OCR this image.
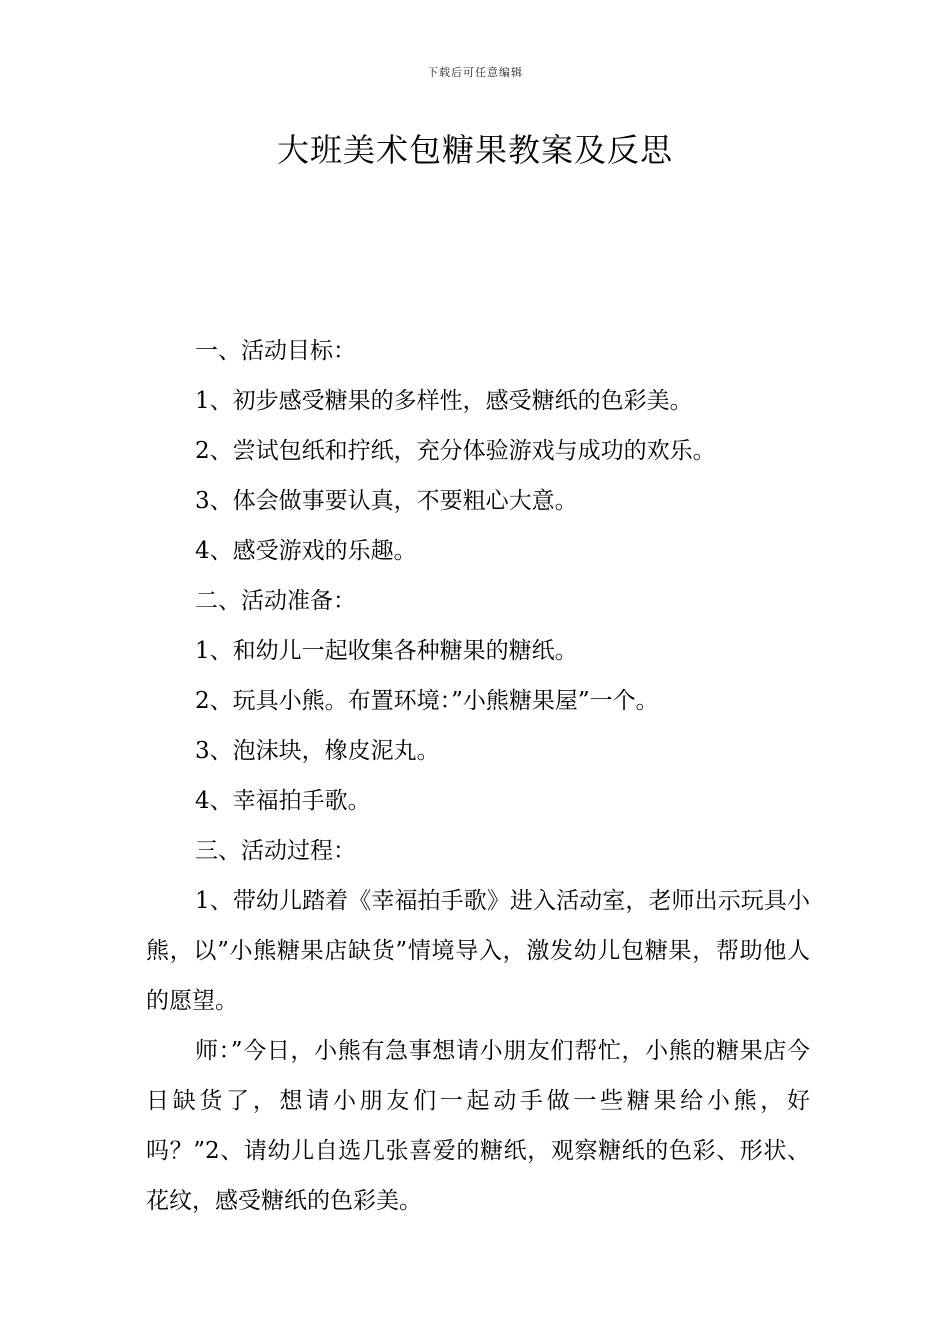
下载后可任意编辑
大班美术包糖果教案及反思

一、活动目标：

1、初步感受糖果的多样性，感受糖纸的色彩美。

2、尝试包纸和拧纸，充分体验游戏与成功的欢乐。

3、体会做事要认真，不要粗心大意。

4、感受游戏的乐趣。

二、活动准备：

1、和幼儿一起收集各种糖果的糖纸。

2、玩具小熊。布置环境：”小熊糖果屋”一个。

3、泡沫块，橡皮泥丸。

4、幸福拍手歌。

三、活动过程：

1、带幼儿踏着《幸福拍手歌》进入活动室，老师出示玩具小熊，以”小熊糖果店缺货”情境导入，激发幼儿包糖果，帮助他人的愿望。

师：”今日，小熊有急事想请小朋友们帮忙，小熊的糖果店今日缺货了，想请小朋友们一起动手做一些糖果给小熊，好吗？”2、请幼儿自选几张喜爱的糖纸，观察糖纸的色彩、形状、花纹，感受糖纸的色彩美。
